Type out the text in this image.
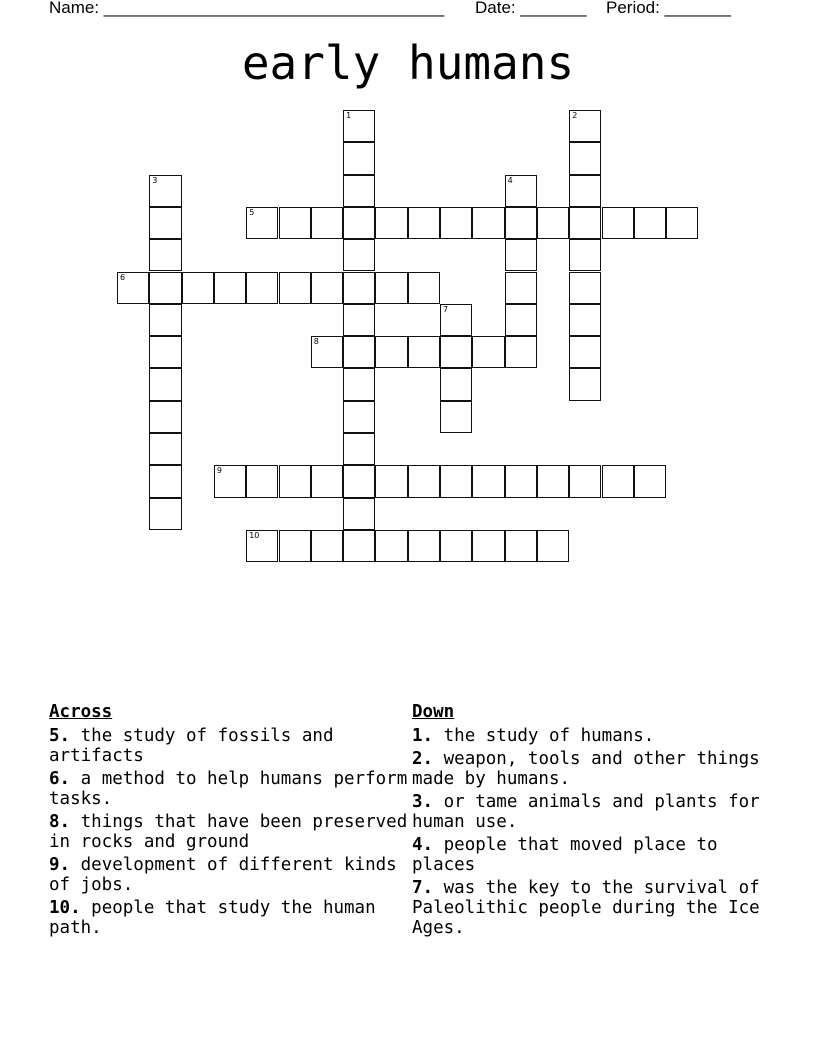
Name: ____________________________________ Date: _______ Period: _______
early humans
1	2
3	4
5
6
7
8
9
10
Across
5. the study of fossils and artifacts
6. a method to help humans perform tasks.
8. things that have been preserved in rocks and ground
9. development of different kinds of jobs.
10. people that study the human path.
Down
1. the study of humans.
2. weapon, tools and other things made by humans.
3. or tame animals and plants for human use.
4. people that moved place to places
7. was the key to the survival of Paleolithic people during the Ice Ages.
